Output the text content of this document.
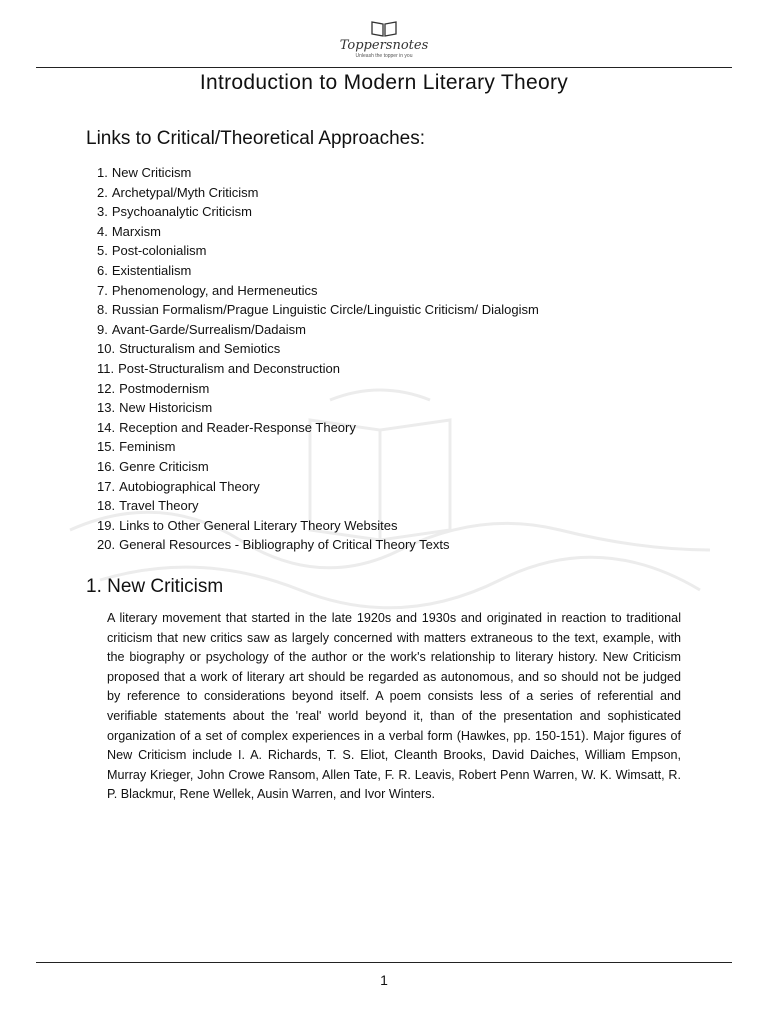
Toppersnotes
Unleash the topper in you
Introduction to Modern Literary Theory
Links to Critical/Theoretical Approaches:
1. New Criticism
2. Archetypal/Myth Criticism
3. Psychoanalytic Criticism
4. Marxism
5. Post-colonialism
6. Existentialism
7. Phenomenology, and Hermeneutics
8. Russian Formalism/Prague Linguistic Circle/Linguistic Criticism/ Dialogism
9. Avant-Garde/Surrealism/Dadaism
10. Structuralism and Semiotics
11. Post-Structuralism and Deconstruction
12. Postmodernism
13. New Historicism
14. Reception and Reader-Response Theory
15. Feminism
16. Genre Criticism
17. Autobiographical Theory
18. Travel Theory
19. Links to Other General Literary Theory Websites
20. General Resources - Bibliography of Critical Theory Texts
1. New Criticism

A literary movement that started in the late 1920s and 1930s and originated in reaction to traditional criticism that new critics saw as largely concerned with matters extraneous to the text, example, with the biography or psychology of the author or the work's relationship to literary history. New Criticism proposed that a work of literary art should be regarded as autonomous, and so should not be judged by reference to considerations beyond itself. A poem consists less of a series of referential and verifiable statements about the 'real' world beyond it, than of the presentation and sophisticated organization of a set of complex experiences in a verbal form (Hawkes, pp. 150-151). Major figures of New Criticism include I. A. Richards, T. S. Eliot, Cleanth Brooks, David Daiches, William Empson, Murray Krieger, John Crowe Ransom, Allen Tate, F. R. Leavis, Robert Penn Warren, W. K. Wimsatt, R. P. Blackmur, Rene Wellek, Ausin Warren, and Ivor Winters.

1
